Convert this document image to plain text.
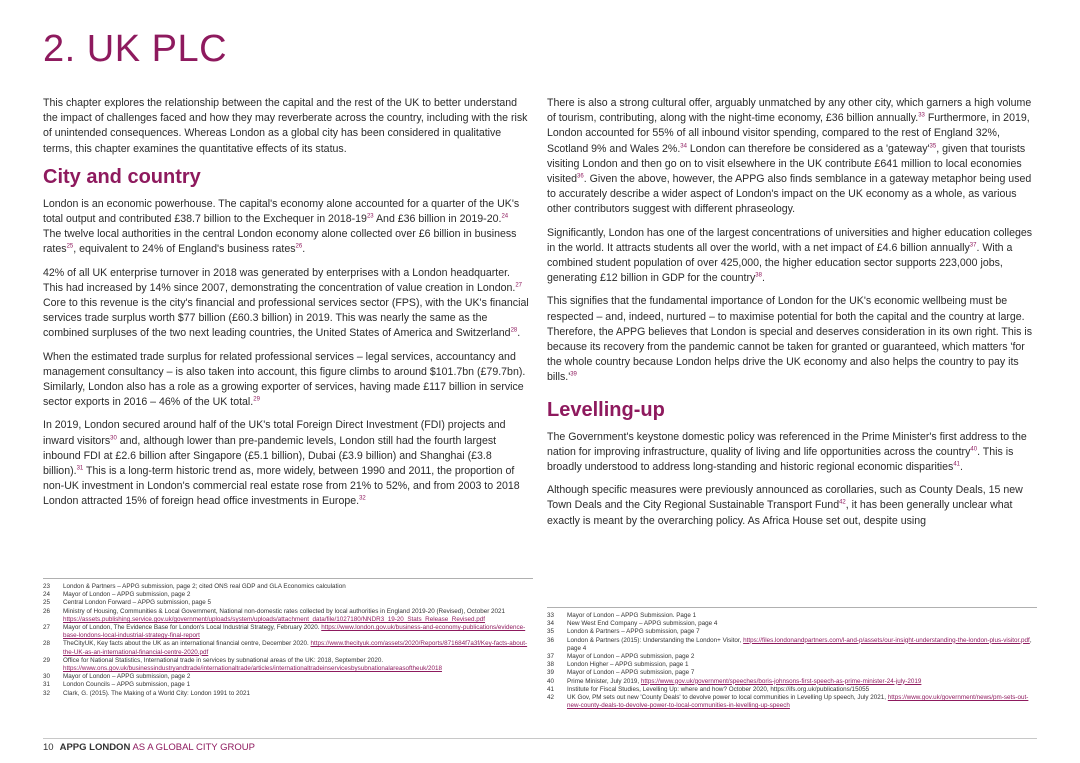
2. UK PLC

This chapter explores the relationship between the capital and the rest of the UK to better understand the impact of challenges faced and how they may reverberate across the country, including with the risk of unintended consequences. Whereas London as a global city has been considered in qualitative terms, this chapter examines the quantitative effects of its status.

City and country

London is an economic powerhouse. The capital's economy alone accounted for a quarter of the UK's total output and contributed £38.7 billion to the Exchequer in $2018-19^{23}$ And £36 billion in 2019-20.24 The twelve local authorities in the central London economy alone collected over £6 billion in business rates$^{25}$, equivalent to 24% of England's business rates$^{26}$.

42% of all UK enterprise turnover in 2018 was generated by enterprises with a London headquarter. This had increased by 14% since 2007, demonstrating the concentration of value creation in London.$^{27}$ Core to this revenue is the city's financial and professional services sector (FPS), with the UK's financial services trade surplus worth $77 billion (£60.3 billion) in 2019. This was nearly the same as the combined surpluses of the two next leading countries, the United States of America and Switzerland$^{28}$.

When the estimated trade surplus for related professional services – legal services, accountancy and management consultancy – is also taken into account, this figure climbs to around $101.7bn (£79.7bn). Similarly, London also has a role as a growing exporter of services, having made £117 billion in service sector exports in 2016 – 46% of the UK total.$^{29}$

In 2019, London secured around half of the UK's total Foreign Direct Investment (FDI) projects and inward visitors$^{30}$ and, although lower than pre-pandemic levels, London still had the fourth largest inbound FDI at £2.6 billion after Singapore (£5.1 billion), Dubai (£3.9 billion) and Shanghai (£3.8 billion).$^{31}$ This is a long-term historic trend as, more widely, between 1990 and 2011, the proportion of non-UK investment in London's commercial real estate rose from 21% to 52%, and from 2003 to 2018 London attracted 15% of foreign head office investments in Europe.$^{32}$

There is also a strong cultural offer, arguably unmatched by any other city, which garners a high volume of tourism, contributing, along with the night-time economy, £36 billion annually.$^{33}$ Furthermore, in 2019, London accounted for 55% of all inbound visitor spending, compared to the rest of England 32%, Scotland 9% and Wales 2%.$^{34}$ London can therefore be considered as a '$gateway'^{35}$, given that tourists visiting London and then go on to visit elsewhere in the UK contribute £641 million to local economies visited$^{36}$. Given the above, however, the APPG also finds semblance in a gateway metaphor being used to accurately describe a wider aspect of London's impact on the UK economy as a whole, as various other contributors suggest with different phraseology.

Significantly, London has one of the largest concentrations of universities and higher education colleges in the world. It attracts students all over the world, with a net impact of £4.6 billion annually$^{37}$. With a combined student population of over 425,000, the higher education sector supports 223,000 jobs, generating £12 billion in GDP for the country$^{38}$.

This signifies that the fundamental importance of London for the UK's economic wellbeing must be respected – and, indeed, nurtured – to maximise potential for both the capital and the country at large. Therefore, the APPG believes that London is special and deserves consideration in its own right. This is because its recovery from the pandemic cannot be taken for granted or guaranteed, which matters 'for the whole country because London helps drive the UK economy and also helps the country to pay its $bills.'^{39}$

Levelling-up

The Government's keystone domestic policy was referenced in the Prime Minister's first address to the nation for improving infrastructure, quality of living and life opportunities across the country$^{40}$. This is broadly understood to address long-standing and historic regional economic disparities$^{41}$.

Although specific measures were previously announced as corollaries, such as County Deals, 15 new Town Deals and the City Regional Sustainable Transport Fund$^{42}$, it has been generally unclear what exactly is meant by the overarching policy. As Africa House set out, despite using

23	London & Partners – APPG submission, page 2; cited ONS real GDP and GLA Economics calculation
24	Mayor of London – APPG submission, page 2
25	Central London Forward – APPG submission, page 5
26	Ministry of Housing, Communities & Local Government, National non-domestic rates collected by local authorities in England 2019-20 (Revised), October 2021 https://assets.publishing.service.gov.uk/government/uploads/system/uploads/attachment_data/file/1027180/NNDR3_19-20_Stats_Release_Revised.pdf
27	Mayor of London, The Evidence Base for London's Local Industrial Strategy, February 2020. https://www.london.gov.uk/business-and-economy-publications/evidence-base-londons-local-industrial-strategy-final-report
28	TheCityUK, Key facts about the UK as an international financial centre, December 2020. https://www.thecityuk.com/assets/2020/Reports/871684f7a3f/Key-facts-about-the-UK-as-an-international-financial-centre-2020.pdf
29	Office for National Statistics, International trade in services by subnational areas of the UK: 2018, September 2020. https://www.ons.gov.uk/businessindustryandtrade/internationaltrade/articles/internationaltradeinservicesbysubnationalareasoftheuk/2018
30	Mayor of London – APPG submission, page 2
31	London Councils – APPG submission, page 1
32	Clark, G. (2015). The Making of a World City: London 1991 to 2021
33	Mayor of London – APPG Submission. Page 1
34	New West End Company – APPG submission, page 4
35	London & Partners – APPG submission, page 7
36	London & Partners (2015): Understanding the London+ Visitor, https://files.londonandpartners.com/l-and-p/assets/our-insight-understanding-the-london-plus-visitor.pdf, page 4
37	Mayor of London – APPG submission, page 2
38	London Higher – APPG submission, page 1
39	Mayor of London – APPG submission, page 7
40	Prime Minister, July 2019, https://www.gov.uk/government/speeches/boris-johnsons-first-speech-as-prime-minister-24-july-2019
41	Institute for Fiscal Studies, Levelling Up: where and how? October 2020, https://ifs.org.uk/publications/15055
42	UK Gov, PM sets out new 'County Deals' to devolve power to local communities in Levelling Up speech, July 2021, https://www.gov.uk/government/news/pm-sets-out-new-county-deals-to-devolve-power-to-local-communities-in-levelling-up-speech
10 APPG LONDON AS A GLOBAL CITY GROUP
